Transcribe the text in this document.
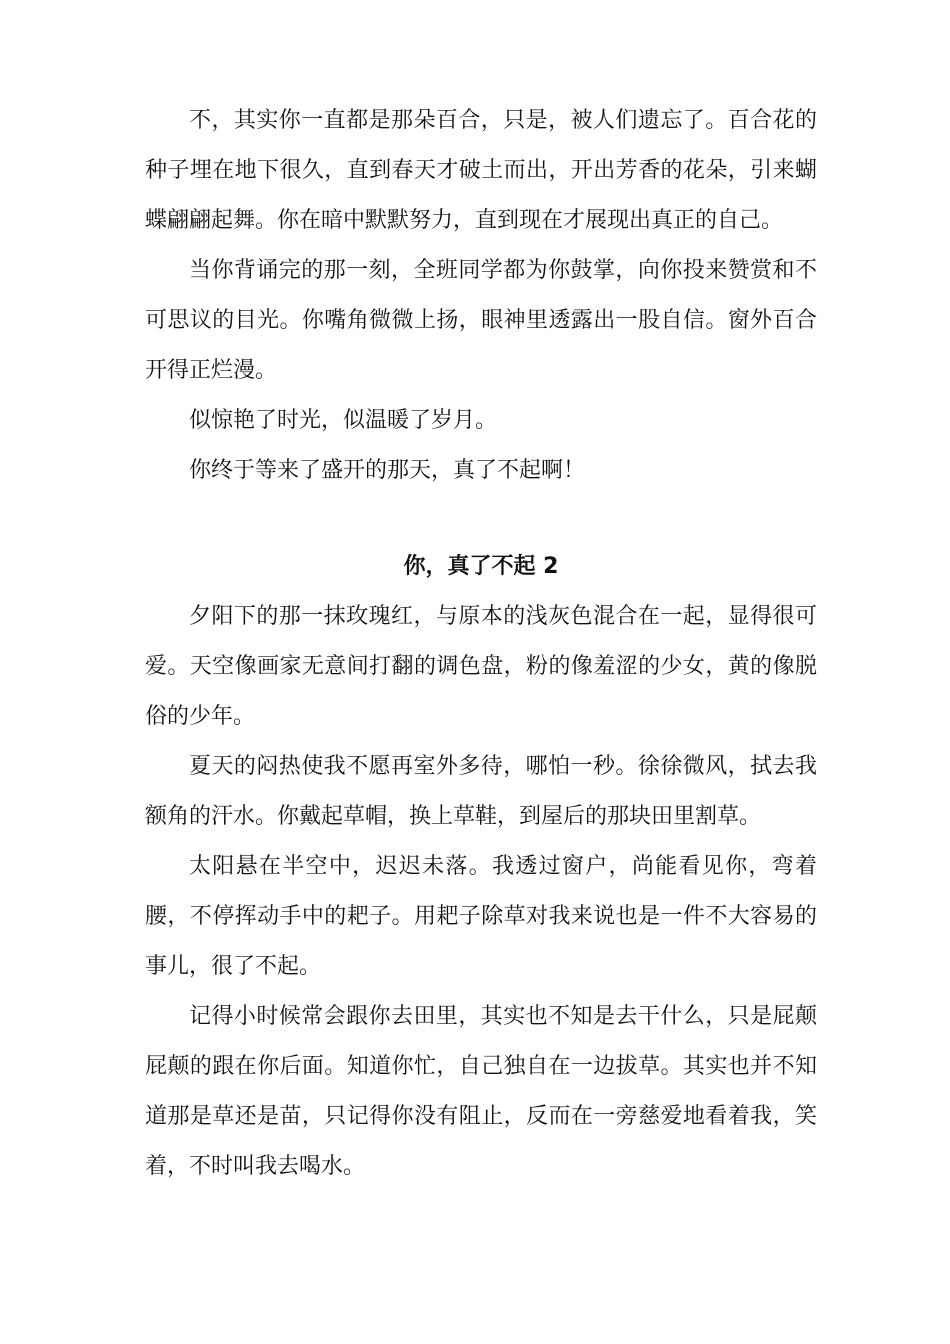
不，其实你一直都是那朵百合，只是，被人们遗忘了。百合花的种子埋在地下很久，直到春天才破土而出，开出芳香的花朵，引来蝴蝶翩翩起舞。你在暗中默默努力，直到现在才展现出真正的自己。

当你背诵完的那一刻，全班同学都为你鼓掌，向你投来赞赏和不可思议的目光。你嘴角微微上扬，眼神里透露出一股自信。窗外百合开得正烂漫。

似惊艳了时光，似温暖了岁月。

你终于等来了盛开的那天，真了不起啊！

你，真了不起 2

夕阳下的那一抹玫瑰红，与原本的浅灰色混合在一起，显得很可爱。天空像画家无意间打翻的调色盘，粉的像羞涩的少女，黄的像脱俗的少年。

夏天的闷热使我不愿再室外多待，哪怕一秒。徐徐微风，拭去我额角的汗水。你戴起草帽，换上草鞋，到屋后的那块田里割草。

太阳悬在半空中，迟迟未落。我透过窗户，尚能看见你，弯着腰，不停挥动手中的耙子。用耙子除草对我来说也是一件不大容易的事儿，很了不起。

记得小时候常会跟你去田里，其实也不知是去干什么，只是屁颠屁颠的跟在你后面。知道你忙，自己独自在一边拔草。其实也并不知道那是草还是苗，只记得你没有阻止，反而在一旁慈爱地看着我，笑着，不时叫我去喝水。
